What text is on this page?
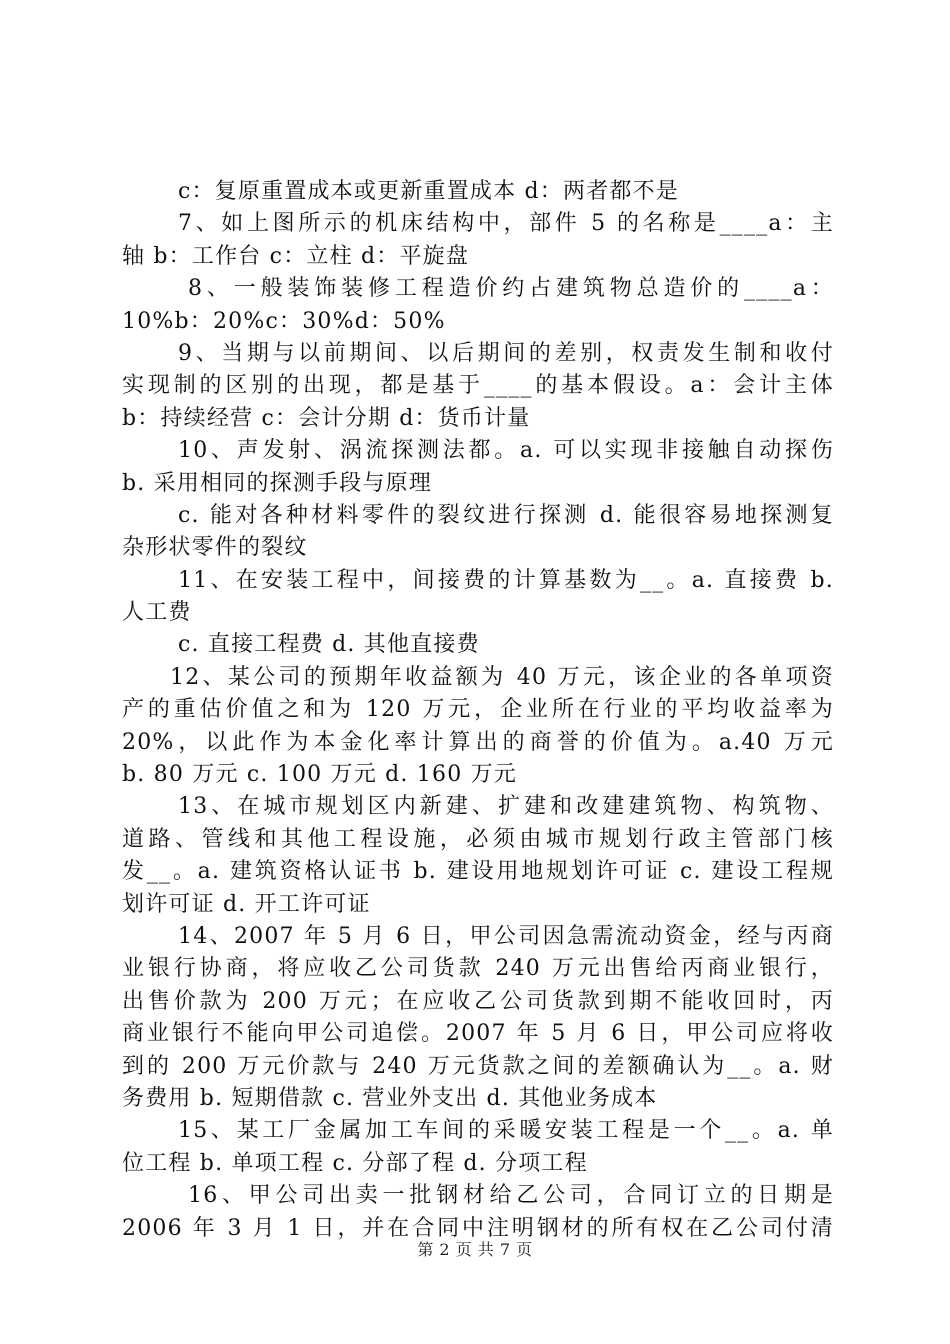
c：复原重置成本或更新重置成本 d：两者都不是
7、如上图所示的机床结构中，部件 5 的名称是____a：主
轴 b：工作台 c：立柱 d：平旋盘
8、一般装饰装修工程造价约占建筑物总造价的____a：
10%b：20%c：30%d：50%
9、当期与以前期间、以后期间的差别，权责发生制和收付
实现制的区别的出现，都是基于____的基本假设。a：会计主体
b：持续经营 c：会计分期 d：货币计量
10、声发射、涡流探测法都。a. 可以实现非接触自动探伤
b. 采用相同的探测手段与原理
c. 能对各种材料零件的裂纹进行探测 d. 能很容易地探测复
杂形状零件的裂纹
11、在安装工程中，间接费的计算基数为__。a. 直接费 b.
人工费
c. 直接工程费 d. 其他直接费
12、某公司的预期年收益额为 40 万元，该企业的各单项资
产的重估价值之和为 120 万元，企业所在行业的平均收益率为
20%，以此作为本金化率计算出的商誉的价值为。a.40 万元
b. 80 万元 c. 100 万元 d. 160 万元
13、在城市规划区内新建、扩建和改建建筑物、构筑物、
道路、管线和其他工程设施，必须由城市规划行政主管部门核
发__。a. 建筑资格认证书 b. 建设用地规划许可证 c. 建设工程规
划许可证 d. 开工许可证
14、2007 年 5 月 6 日，甲公司因急需流动资金，经与丙商
业银行协商，将应收乙公司货款 240 万元出售给丙商业银行，
出售价款为 200 万元；在应收乙公司货款到期不能收回时，丙
商业银行不能向甲公司追偿。2007 年 5 月 6 日，甲公司应将收
到的 200 万元价款与 240 万元货款之间的差额确认为__。a. 财
务费用 b. 短期借款 c. 营业外支出 d. 其他业务成本
15、某工厂金属加工车间的采暖安装工程是一个__。a. 单
位工程 b. 单项工程 c. 分部了程 d. 分项工程
16、甲公司出卖一批钢材给乙公司，合同订立的日期是
2006 年 3 月 1 日，并在合同中注明钢材的所有权在乙公司付清
第 2 页 共 7 页
